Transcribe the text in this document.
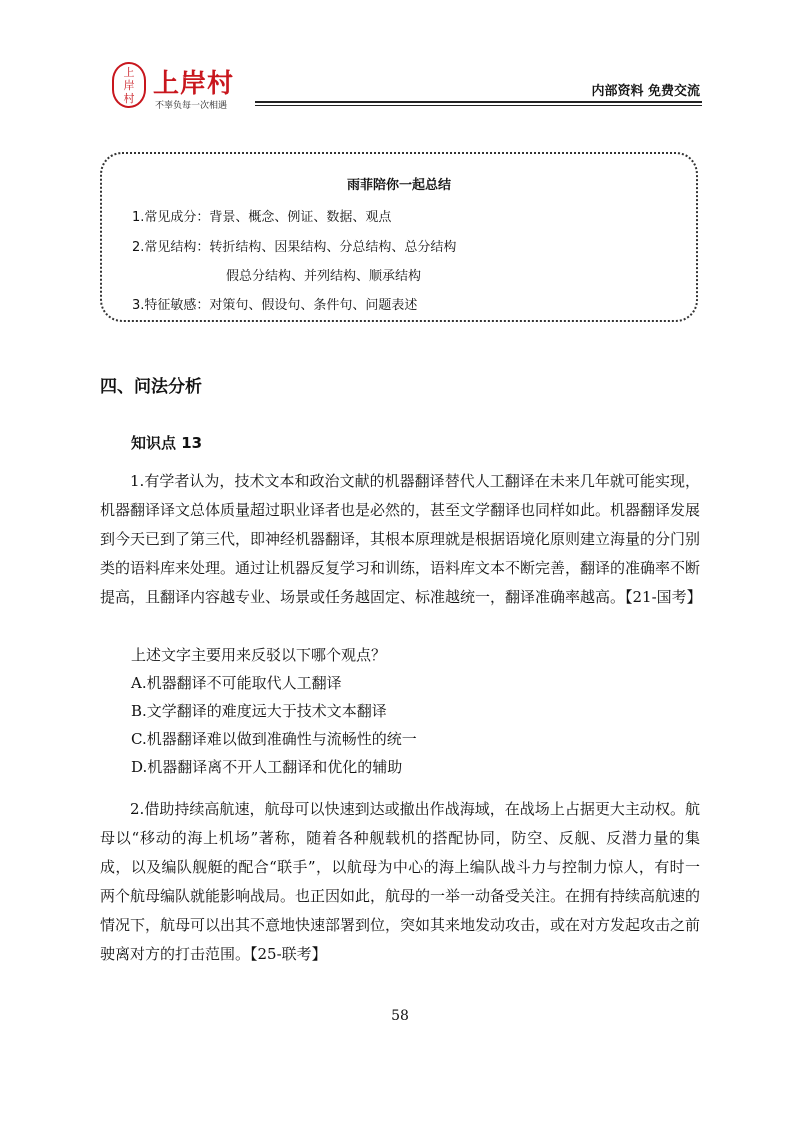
上
岸
村 上岸村
不辜负每一次相遇
内部资料 免费交流
雨菲陪你一起总结
1.常见成分：背景、概念、例证、数据、观点
2.常见结构：转折结构、因果结构、分总结构、总分结构
假总分结构、并列结构、顺承结构
3.特征敏感：对策句、假设句、条件句、问题表述
四、问法分析
知识点 13
1.有学者认为，技术文本和政治文献的机器翻译替代人工翻译在未来几年就可能实现，机器翻译译文总体质量超过职业译者也是必然的，甚至文学翻译也同样如此。机器翻译发展到今天已到了第三代，即神经机器翻译，其根本原理就是根据语境化原则建立海量的分门别类的语料库来处理。通过让机器反复学习和训练，语料库文本不断完善，翻译的准确率不断提高，且翻译内容越专业、场景或任务越固定、标准越统一，翻译准确率越高。【21-国考】
上述文字主要用来反驳以下哪个观点？
A.机器翻译不可能取代人工翻译
B.文学翻译的难度远大于技术文本翻译
C.机器翻译难以做到准确性与流畅性的统一
D.机器翻译离不开人工翻译和优化的辅助
2.借助持续高航速，航母可以快速到达或撤出作战海域，在战场上占据更大主动权。航母以“移动的海上机场”著称，随着各种舰载机的搭配协同，防空、反舰、反潜力量的集成，以及编队舰艇的配合“联手”，以航母为中心的海上编队战斗力与控制力惊人，有时一两个航母编队就能影响战局。也正因如此，航母的一举一动备受关注。在拥有持续高航速的情况下，航母可以出其不意地快速部署到位，突如其来地发动攻击，或在对方发起攻击之前驶离对方的打击范围。【25-联考】
58
